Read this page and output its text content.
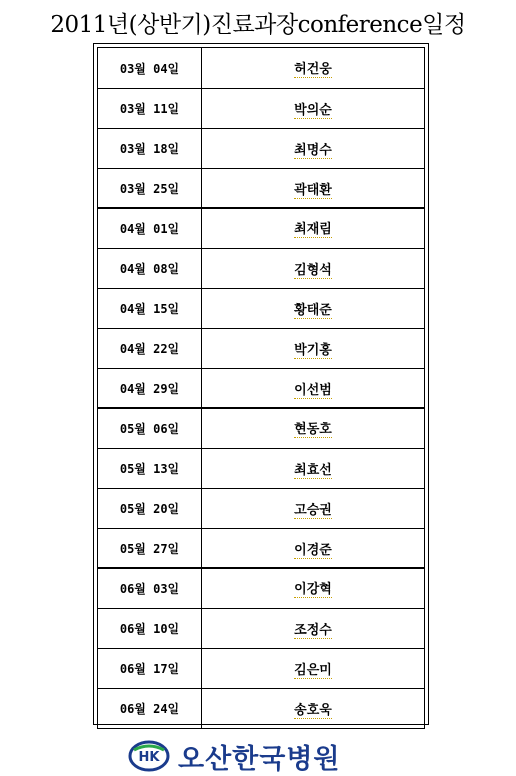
2011년(상반기)진료과장conference일정
03월 04일	허건웅
03월 11일	박의순
03월 18일	최명수
03월 25일	곽태환
04월 01일	최재림
04월 08일	김형석
04월 15일	황태준
04월 22일	박기홍
04월 29일	이선범
05월 06일	현동호
05월 13일	최효선
05월 20일	고승권
05월 27일	이경준
06월 03일	이강혁
06월 10일	조정수
06월 17일	김은미
06월 24일	송호욱
HK 오산한국병원
